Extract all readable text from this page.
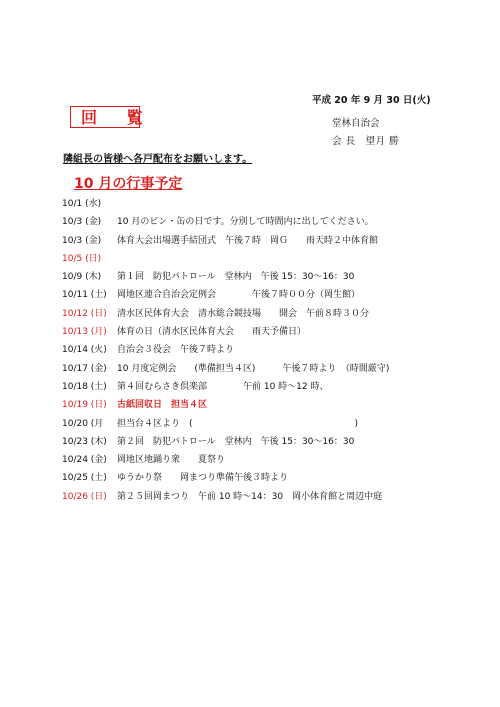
平成 20 年 9 月 30 日(火)
回 覧	堂林自治会
会 長　望月 勝
隣組長の皆様へ各戸配布をお願いします。
10 月の行事予定
10/1 (水)
10/3 (金) 10 月のビン・缶の日です。分別して時間内に出してください。
10/3 (金) 体育大会出場選手結団式　午後７時　岡Ｇ　　雨天時２中体育館
10/5 (日)
10/9 (木) 第１回　防犯パトロール　堂林内　午後 15：30〜16：30
10/11 (土) 岡地区連合自治会定例会　　　　午後７時００分（岡生館）
10/12 (日) 清水区民体育大会　清水総合競技場　　開会　午前８時３０分
10/13 (月) 体育の日（清水区民体育大会　　雨天予備日）
10/14 (火) 自治会３役会　午後７時より
10/17 (金) 10 月度定例会　　(準備担当４区)　　　午後７時より　（時間厳守)
10/18 (土) 第４回むらさき倶楽部　　　　午前 10 時〜12 時、
10/19 (日) 古紙回収日　担当４区
10/20 (月 担当台４区より　(　　　　　　　　　　　　　　　　　　)
10/23 (木) 第２回　防犯パトロール　堂林内　午後 15：30〜16：30
10/24 (金) 岡地区地踊り衆　　夏祭り
10/25 (土) ゆうかり祭　　岡まつり準備午後３時より
10/26 (日) 第２５回岡まつり　午前 10 時〜14：30　岡小体育館と周辺中庭
